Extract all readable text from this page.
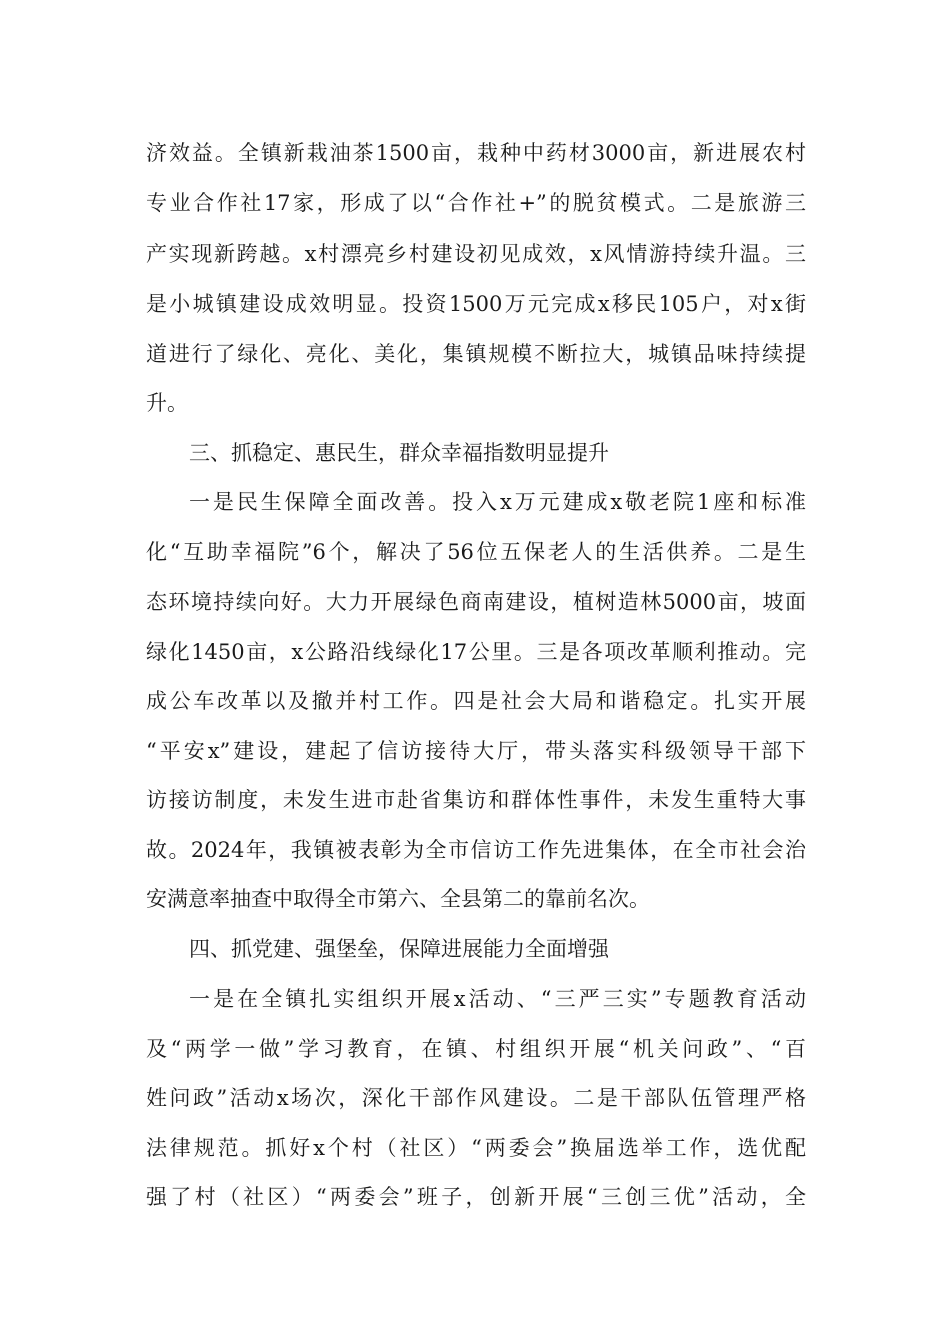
济效益。全镇新栽油茶1500亩，栽种中药材3000亩，新进展农村
专业合作社17家，形成了以“合作社+”的脱贫模式。二是旅游三
产实现新跨越。x村漂亮乡村建设初见成效，x风情游持续升温。三
是小城镇建设成效明显。投资1500万元完成x移民105户，对x街
道进行了绿化、亮化、美化，集镇规模不断拉大，城镇品味持续提
升。
三、抓稳定、惠民生，群众幸福指数明显提升
一是民生保障全面改善。投入x万元建成x敬老院1座和标准
化“互助幸福院”6个，解决了56位五保老人的生活供养。二是生
态环境持续向好。大力开展绿色商南建设，植树造林5000亩，坡面
绿化1450亩，x公路沿线绿化17公里。三是各项改革顺利推动。完
成公车改革以及撤并村工作。四是社会大局和谐稳定。扎实开展
“平安x”建设，建起了信访接待大厅，带头落实科级领导干部下
访接访制度，未发生进市赴省集访和群体性事件，未发生重特大事
故。2024年，我镇被表彰为全市信访工作先进集体，在全市社会治
安满意率抽查中取得全市第六、全县第二的靠前名次。
四、抓党建、强堡垒，保障进展能力全面增强
一是在全镇扎实组织开展x活动、“三严三实”专题教育活动
及“两学一做”学习教育，在镇、村组织开展“机关问政”、“百
姓问政”活动x场次，深化干部作风建设。二是干部队伍管理严格
法律规范。抓好x个村（社区）“两委会”换届选举工作，选优配
强了村（社区）“两委会”班子，创新开展“三创三优”活动，全
